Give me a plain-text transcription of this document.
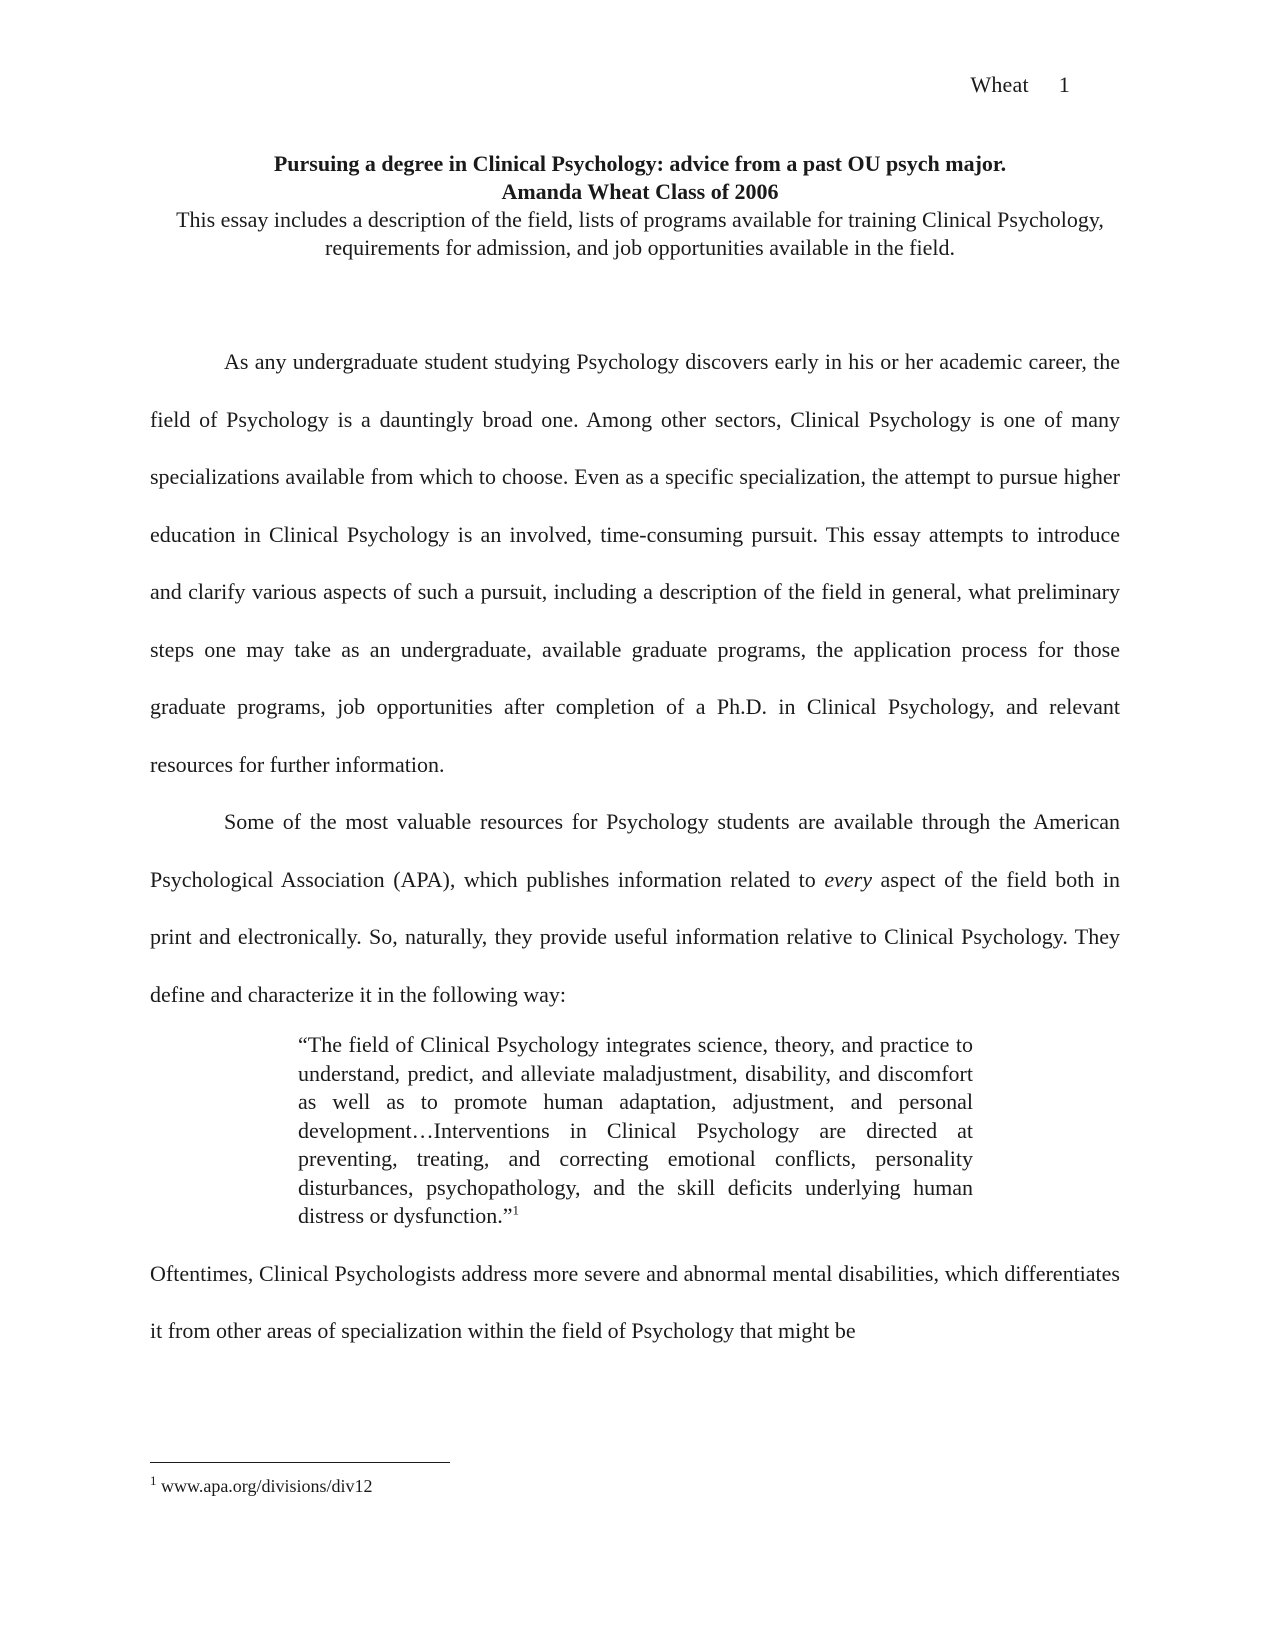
Wheat 1
Pursuing a degree in Clinical Psychology: advice from a past OU psych major.
Amanda Wheat Class of 2006
This essay includes a description of the field, lists of programs available for training Clinical Psychology, requirements for admission, and job opportunities available in the field.

As any undergraduate student studying Psychology discovers early in his or her academic career, the field of Psychology is a dauntingly broad one. Among other sectors, Clinical Psychology is one of many specializations available from which to choose. Even as a specific specialization, the attempt to pursue higher education in Clinical Psychology is an involved, time-consuming pursuit. This essay attempts to introduce and clarify various aspects of such a pursuit, including a description of the field in general, what preliminary steps one may take as an undergraduate, available graduate programs, the application process for those graduate programs, job opportunities after completion of a Ph.D. in Clinical Psychology, and relevant resources for further information.

Some of the most valuable resources for Psychology students are available through the American Psychological Association (APA), which publishes information related to every aspect of the field both in print and electronically. So, naturally, they provide useful information relative to Clinical Psychology. They define and characterize it in the following way:

“The field of Clinical Psychology integrates science, theory, and practice to understand, predict, and alleviate maladjustment, disability, and discomfort as well as to promote human adaptation, adjustment, and personal development…Interventions in Clinical Psychology are directed at preventing, treating, and correcting emotional conflicts, personality disturbances, psychopathology, and the skill deficits underlying human distress or dysfunction.”$^1$

Oftentimes, Clinical Psychologists address more severe and abnormal mental disabilities, which differentiates it from other areas of specialization within the field of Psychology that might be

$^1$ www.apa.org/divisions/div12
